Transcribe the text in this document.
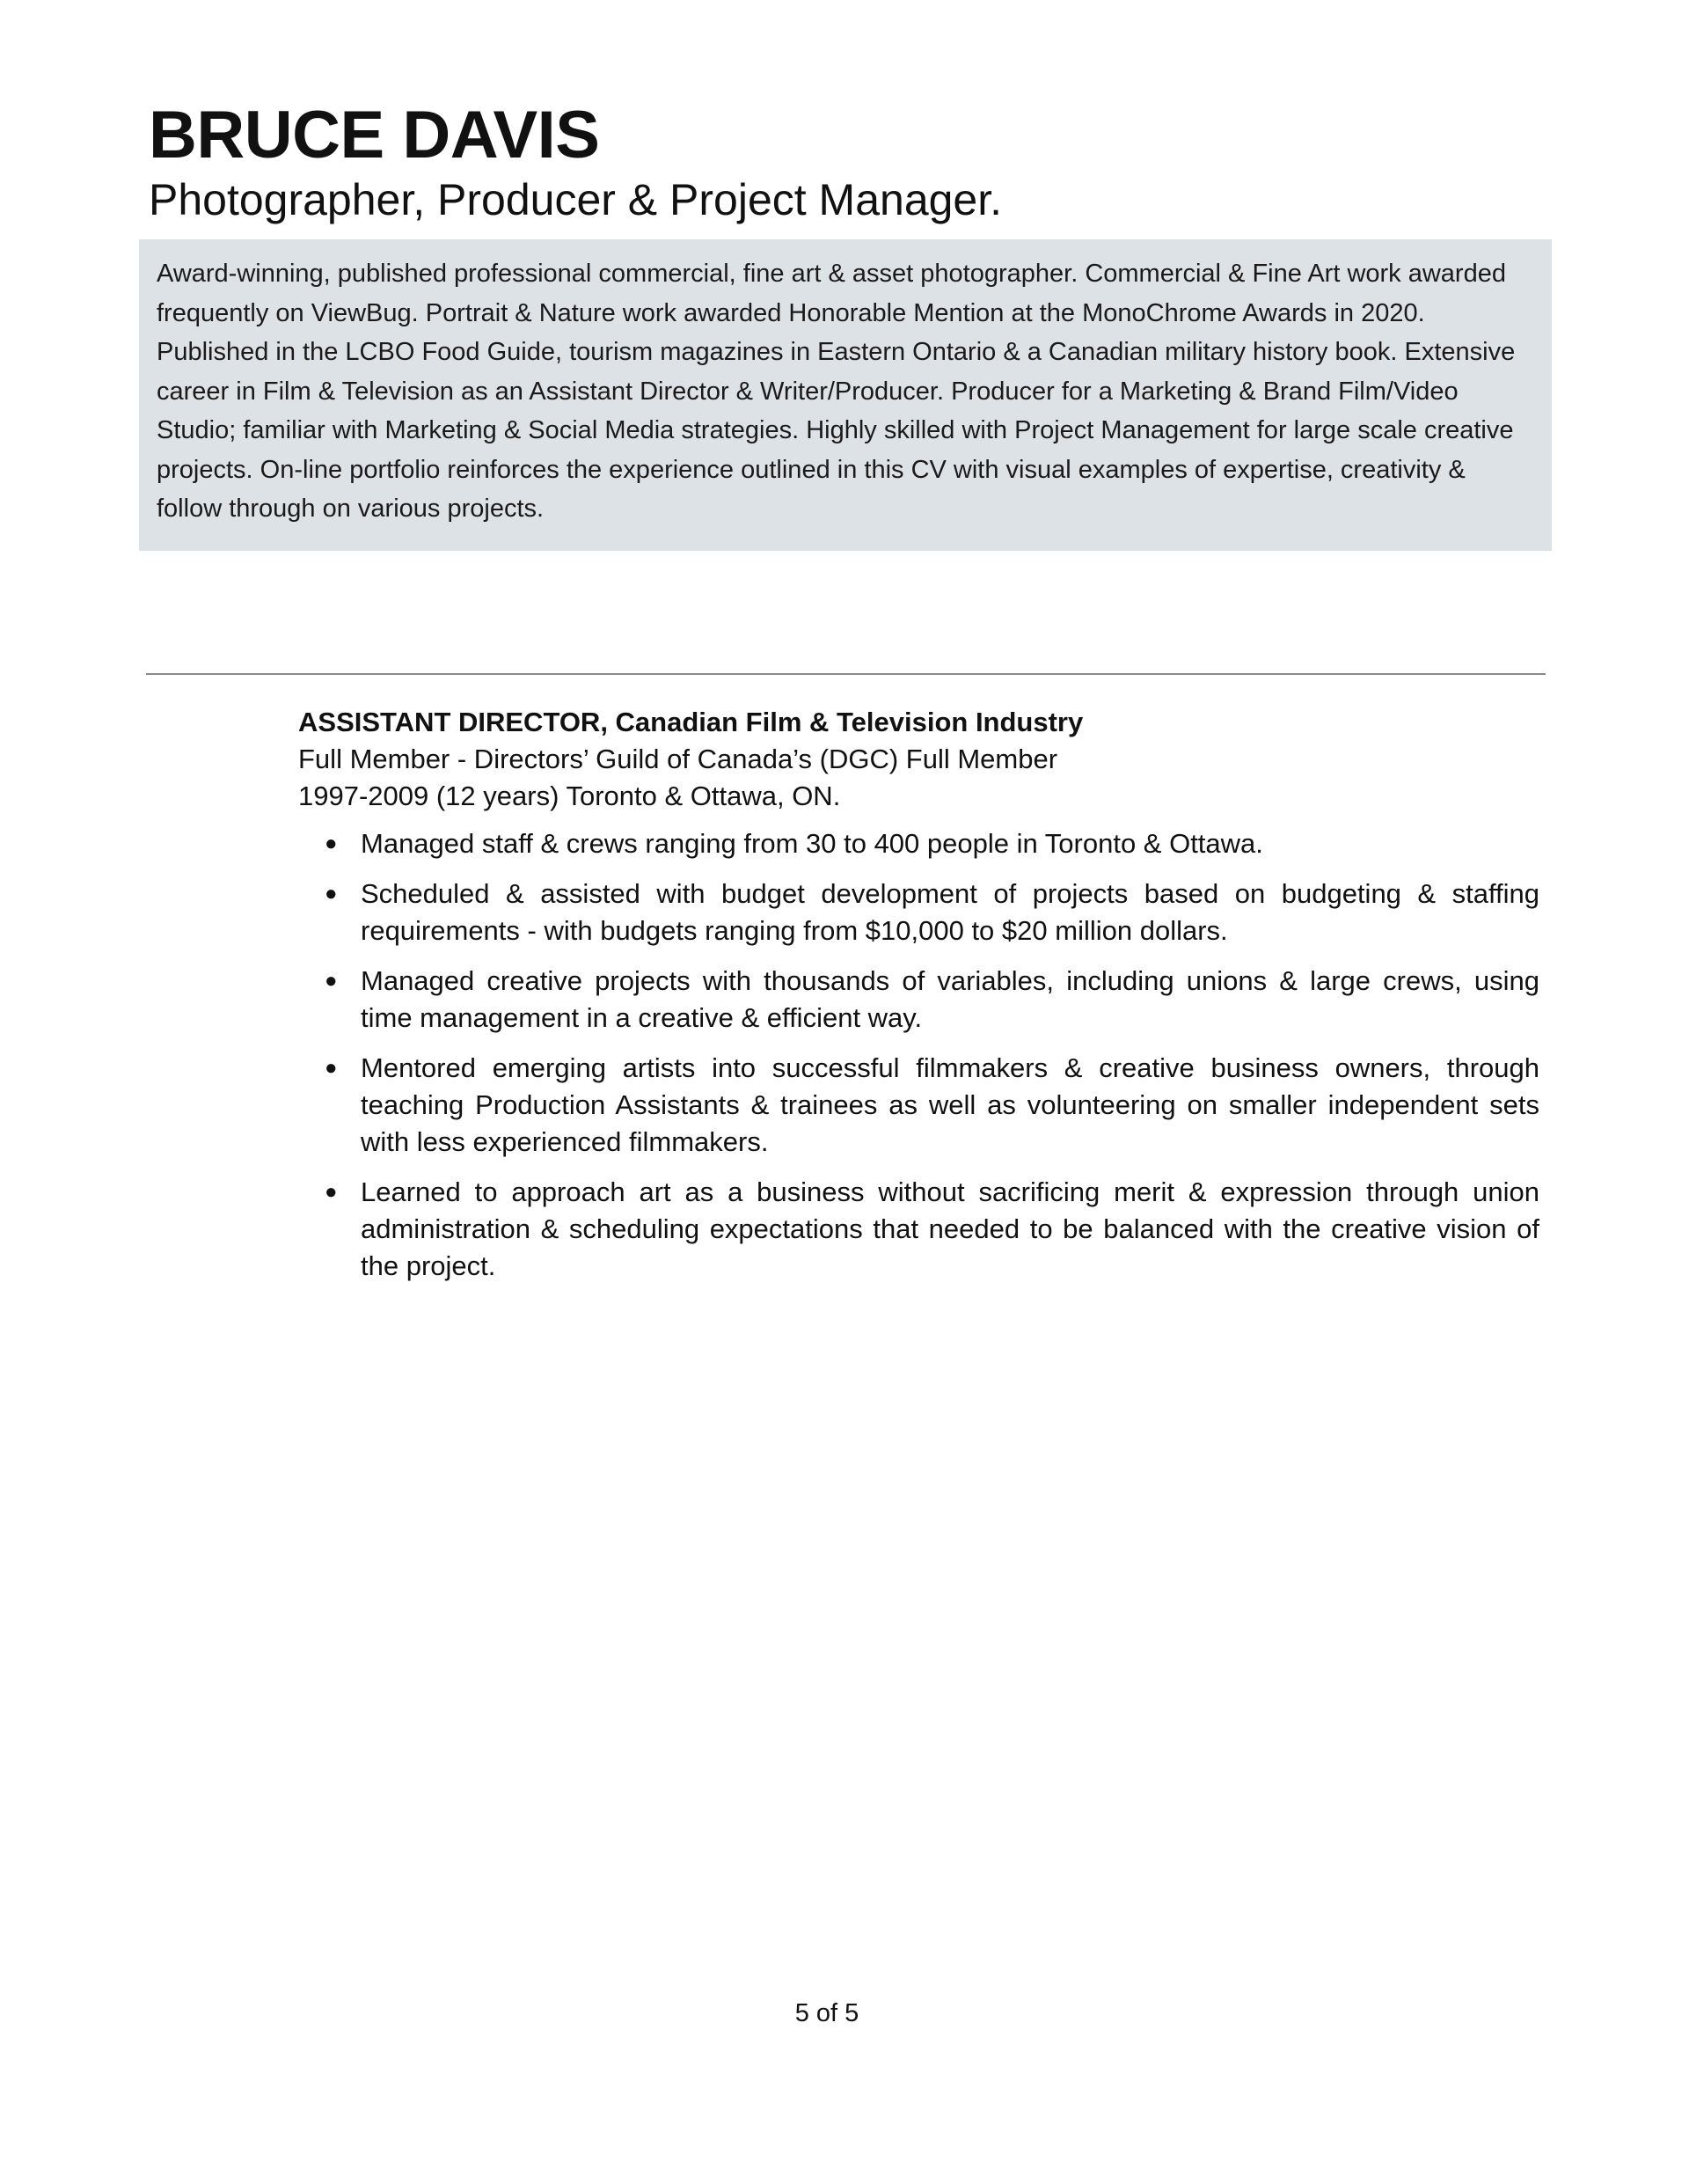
BRUCE DAVIS
Photographer, Producer & Project Manager.

Award-winning, published professional commercial, fine art & asset photographer. Commercial & Fine Art work awarded frequently on ViewBug. Portrait & Nature work awarded Honorable Mention at the MonoChrome Awards in 2020. Published in the LCBO Food Guide, tourism magazines in Eastern Ontario & a Canadian military history book. Extensive career in Film & Television as an Assistant Director & Writer/Producer. Producer for a Marketing & Brand Film/Video Studio; familiar with Marketing & Social Media strategies. Highly skilled with Project Management for large scale creative projects. On-line portfolio reinforces the experience outlined in this CV with visual examples of expertise, creativity & follow through on various projects.

ASSISTANT DIRECTOR, Canadian Film & Television Industry

Full Member - Directors’ Guild of Canada’s (DGC) Full Member

1997-2009 (12 years) Toronto & Ottawa, ON.

● Managed staff & crews ranging from 30 to 400 people in Toronto & Ottawa.
● Scheduled & assisted with budget development of projects based on budgeting & staffing requirements - with budgets ranging from $10,000 to $20 million dollars.
● Managed creative projects with thousands of variables, including unions & large crews, using time management in a creative & efficient way.
● Mentored emerging artists into successful filmmakers & creative business owners, through teaching Production Assistants & trainees as well as volunteering on smaller independent sets with less experienced filmmakers.
● Learned to approach art as a business without sacrificing merit & expression through union administration & scheduling expectations that needed to be balanced with the creative vision of the project.

5 of 5
